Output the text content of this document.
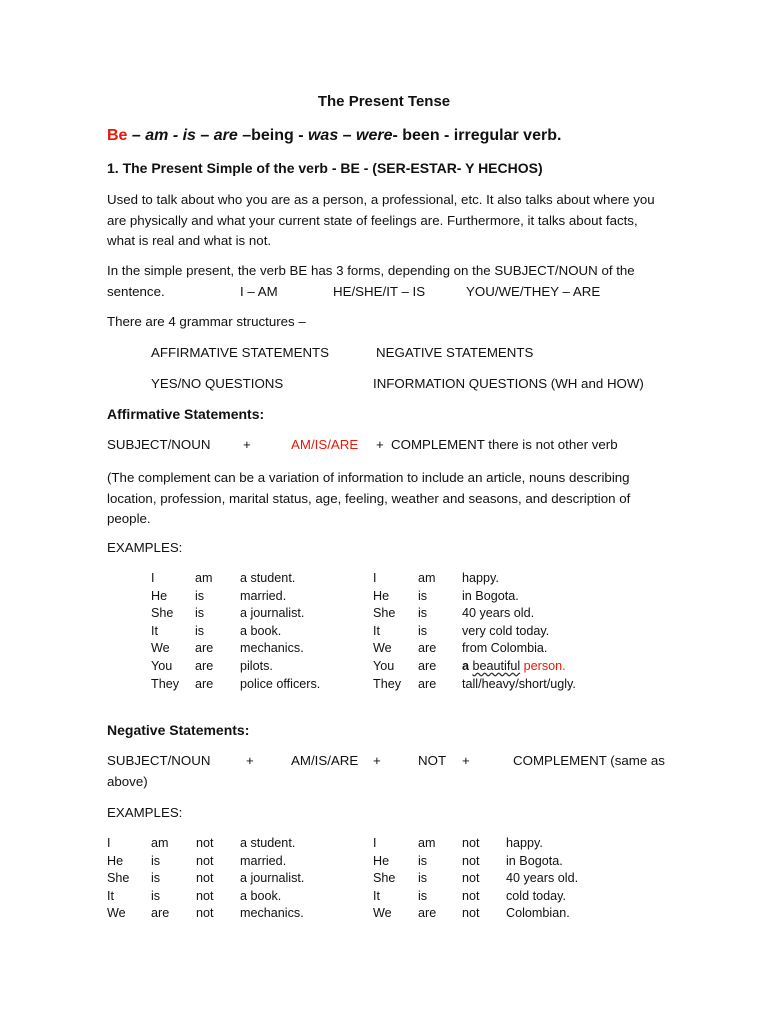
The Present Tense
Be – am - is – are –being - was – were- been - irregular verb.
1. The Present Simple of the verb - BE - (SER-ESTAR- Y HECHOS)
Used to talk about who you are as a person, a professional, etc. It also talks about where you are physically and what your current state of feelings are. Furthermore, it talks about facts, what is real and what is not.
In the simple present, the verb BE has 3 forms, depending on the SUBJECT/NOUN of the
sentence.	I – AM	HE/SHE/IT – IS	YOU/WE/THEY – ARE
There are 4 grammar structures –
AFFIRMATIVE STATEMENTS	NEGATIVE STATEMENTS
YES/NO QUESTIONS	INFORMATION QUESTIONS (WH and HOW)
Affirmative Statements:
SUBJECT/NOUN +	AM/IS/ARE + COMPLEMENT there is not other verb
(The complement can be a variation of information to include an article, nouns describing location, profession, marital status, age, feeling, weather and seasons, and description of people.
EXAMPLES:
I	am	a student.
He	is	married.
She	is	a journalist.
It	is	a book.
We	are	mechanics.
You	are	pilots.
They	are	police officers.
I	am	happy.
He	is	in Bogota.
She	is	40 years old.
It	is	very cold today.
We	are	from Colombia.
You	are	a beautiful person.
They	are	tall/heavy/short/ugly.
Negative Statements:
SUBJECT/NOUN	+	AM/IS/ARE +	NOT +	COMPLEMENT (same as
above)
EXAMPLES:
I	am	not	a student.
He	is	not	married.
She	is	not	a journalist.
It	is	not	a book.
We	are	not	mechanics.
I	am	not	happy.
He	is	not	in Bogota.
She	is	not	40 years old.
It	is	not	cold today.
We	are	not	Colombian.
